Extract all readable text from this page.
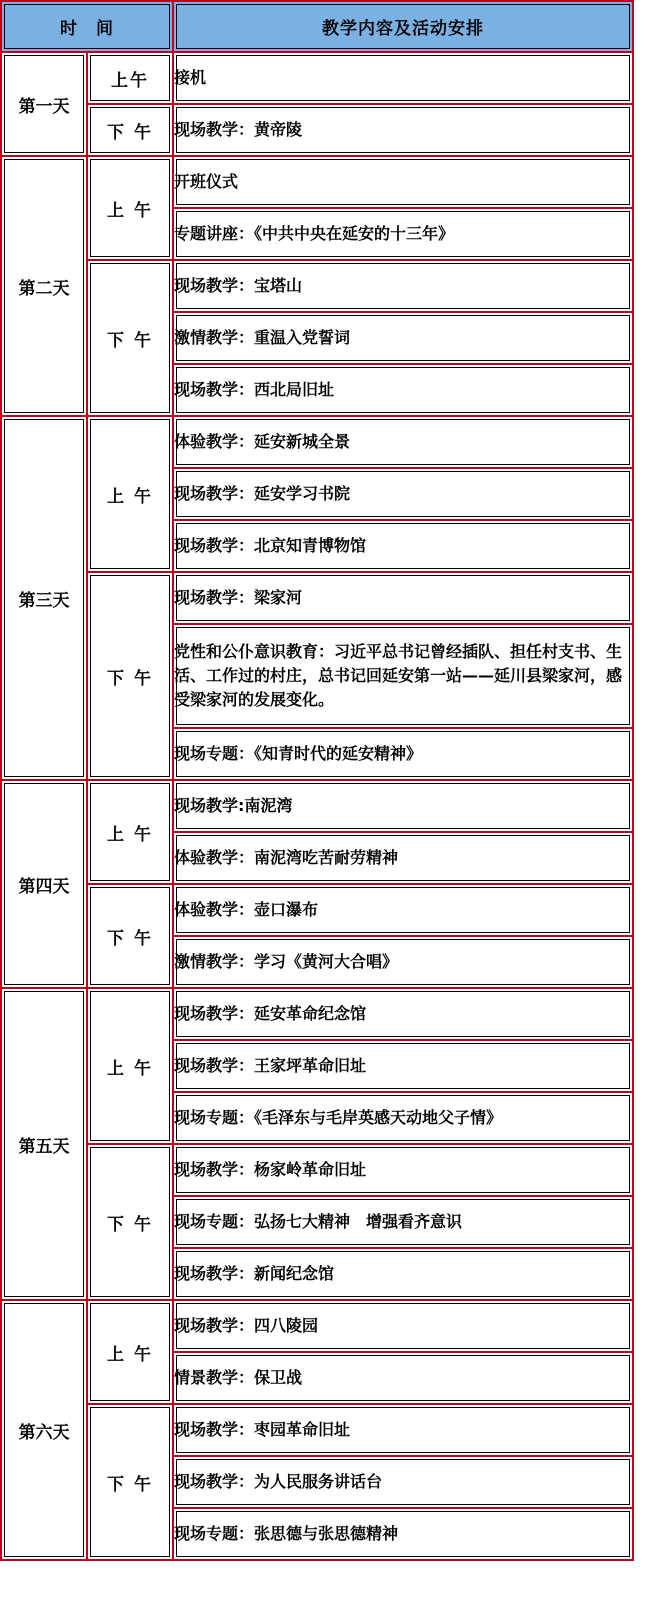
时　间		教学内容及活动安排
第一天	上午	接机
	下 午	现场教学：黄帝陵
第二天	上 午	开班仪式
		专题讲座：《中共中央在延安的十三年》
	下 午	现场教学：宝塔山
		激情教学：重温入党誓词
		现场教学：西北局旧址
第三天	上 午	体验教学：延安新城全景
		现场教学：延安学习书院
		现场教学：北京知青博物馆
	下 午	现场教学：梁家河
		党性和公仆意识教育：习近平总书记曾经插队、担任村支书、生活、工作过的村庄，总书记回延安第一站——延川县梁家河，感受梁家河的发展变化。
		现场专题：《知青时代的延安精神》
第四天	上 午	现场教学:南泥湾
		体验教学：南泥湾吃苦耐劳精神
	下 午	体验教学：壶口瀑布
		激情教学：学习《黄河大合唱》
第五天	上 午	现场教学：延安革命纪念馆
		现场教学：王家坪革命旧址
		现场专题：《毛泽东与毛岸英感天动地父子情》
	下 午	现场教学：杨家岭革命旧址
		现场专题：弘扬七大精神　增强看齐意识
		现场教学：新闻纪念馆
第六天	上 午	现场教学：四八陵园
		情景教学：保卫战
	下 午	现场教学：枣园革命旧址
		现场教学：为人民服务讲话台
		现场专题：张思德与张思德精神
